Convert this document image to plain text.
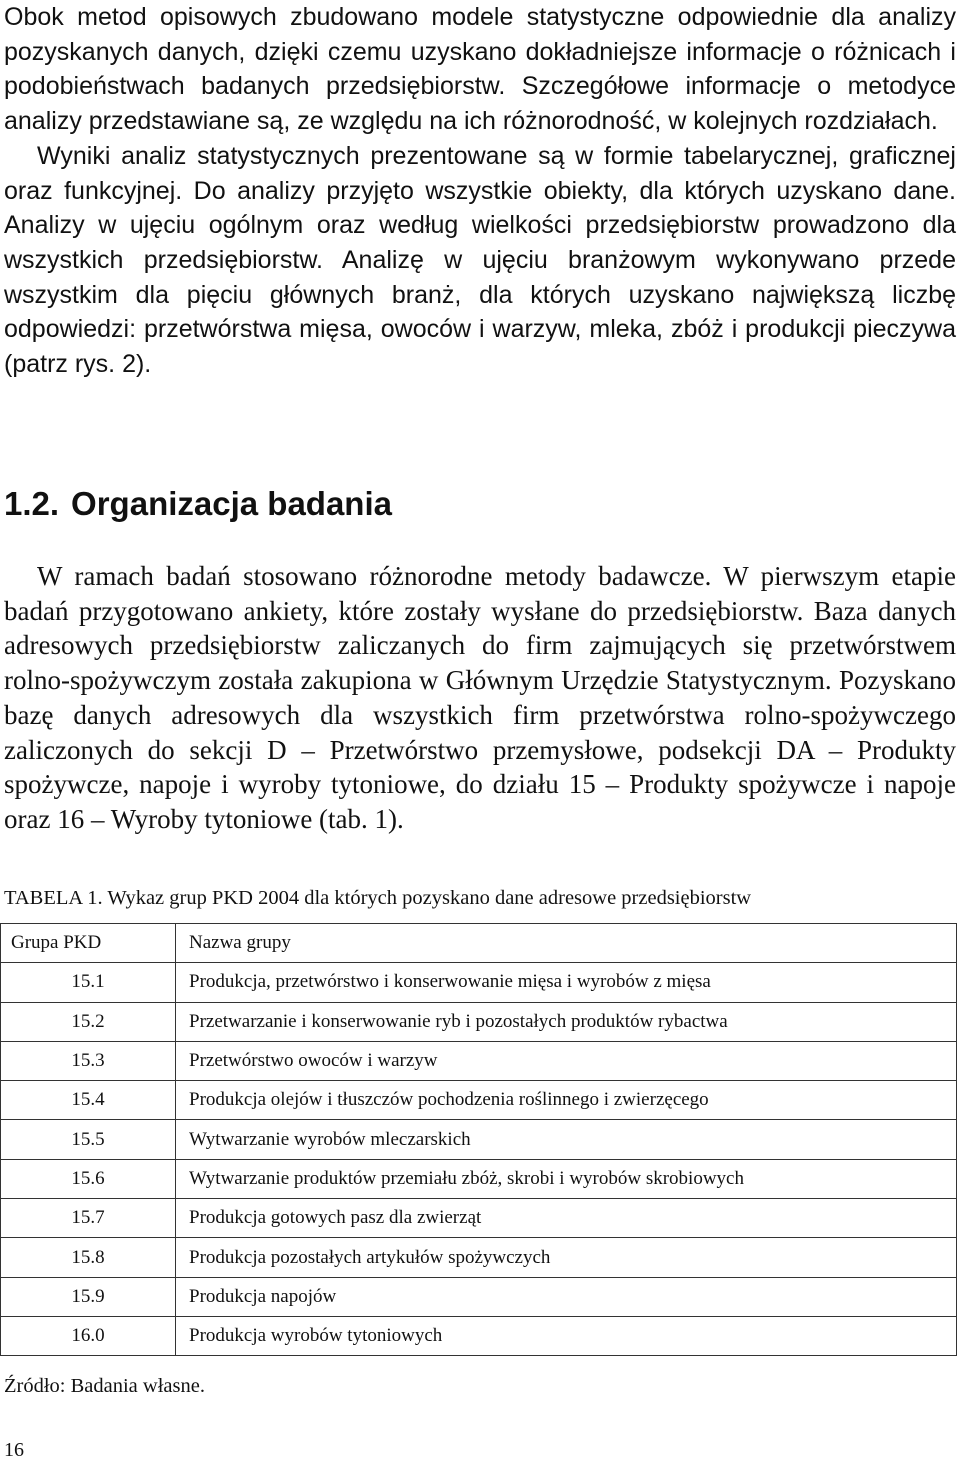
Obok metod opisowych zbudowano modele statystyczne odpowiednie dla analizy pozyskanych danych, dzięki czemu uzyskano dokładniejsze informacje o różnicach i podobieństwach badanych przedsiębiorstw. Szczegółowe informacje o metodyce analizy przedstawiane są, ze względu na ich różnorodność, w kolejnych rozdziałach.

Wyniki analiz statystycznych prezentowane są w formie tabelarycznej, graficznej oraz funkcyjnej. Do analizy przyjęto wszystkie obiekty, dla których uzyskano dane. Analizy w ujęciu ogólnym oraz według wielkości przedsiębiorstw prowadzono dla wszystkich przedsiębiorstw. Analizę w ujęciu branżowym wykonywano przede wszystkim dla pięciu głównych branż, dla których uzyskano największą liczbę odpowiedzi: przetwórstwa mięsa, owoców i warzyw, mleka, zbóż i produkcji pieczywa (patrz rys. 2).

1.2. Organizacja badania

W ramach badań stosowano różnorodne metody badawcze. W pierwszym etapie badań przygotowano ankiety, które zostały wysłane do przedsiębiorstw. Baza danych adresowych przedsiębiorstw zaliczanych do firm zajmujących się przetwórstwem rolno-spożywczym została zakupiona w Głównym Urzędzie Statystycznym. Pozyskano bazę danych adresowych dla wszystkich firm przetwórstwa rolno-spożywczego zaliczonych do sekcji D – Przetwórstwo przemysłowe, podsekcji DA – Produkty spożywcze, napoje i wyroby tytoniowe, do działu 15 – Produkty spożywcze i napoje oraz 16 – Wyroby tytoniowe (tab. 1).

TABELA 1. Wykaz grup PKD 2004 dla których pozyskano dane adresowe przedsiębiorstw
Grupa PKD	Nazwa grupy
15.1	Produkcja, przetwórstwo i konserwowanie mięsa i wyrobów z mięsa
15.2	Przetwarzanie i konserwowanie ryb i pozostałych produktów rybactwa
15.3	Przetwórstwo owoców i warzyw
15.4	Produkcja olejów i tłuszczów pochodzenia roślinnego i zwierzęcego
15.5	Wytwarzanie wyrobów mleczarskich
15.6	Wytwarzanie produktów przemiału zbóż, skrobi i wyrobów skrobiowych
15.7	Produkcja gotowych pasz dla zwierząt
15.8	Produkcja pozostałych artykułów spożywczych
15.9	Produkcja napojów
16.0	Produkcja wyrobów tytoniowych
Źródło: Badania własne.
16
